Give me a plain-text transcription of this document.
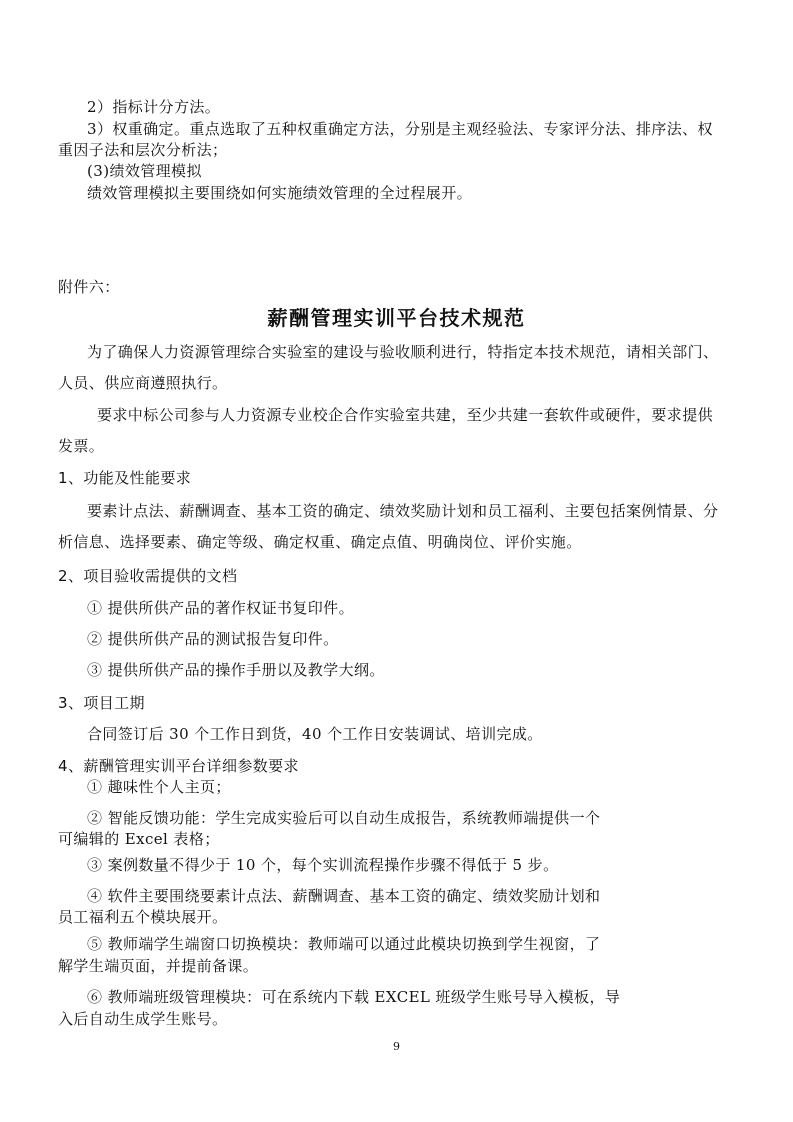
2）指标计分方法。
3）权重确定。重点选取了五种权重确定方法，分别是主观经验法、专家评分法、排序法、权
重因子法和层次分析法；
(3)绩效管理模拟
绩效管理模拟主要围绕如何实施绩效管理的全过程展开。
附件六：
薪酬管理实训平台技术规范
为了确保人力资源管理综合实验室的建设与验收顺利进行，特指定本技术规范，请相关部门、
人员、供应商遵照执行。
要求中标公司参与人力资源专业校企合作实验室共建，至少共建一套软件或硬件，要求提供
发票。
1、功能及性能要求
要素计点法、薪酬调查、基本工资的确定、绩效奖励计划和员工福利、主要包括案例情景、分
析信息、选择要素、确定等级、确定权重、确定点值、明确岗位、评价实施。
2、项目验收需提供的文档
① 提供所供产品的著作权证书复印件。
② 提供所供产品的测试报告复印件。
③ 提供所供产品的操作手册以及教学大纲。
3、项目工期
合同签订后 30 个工作日到货，40 个工作日安装调试、培训完成。
4、薪酬管理实训平台详细参数要求
① 趣味性个人主页；
② 智能反馈功能：学生完成实验后可以自动生成报告，系统教师端提供一个
可编辑的 Excel 表格；
③ 案例数量不得少于 10 个，每个实训流程操作步骤不得低于 5 步。
④ 软件主要围绕要素计点法、薪酬调查、基本工资的确定、绩效奖励计划和
员工福利五个模块展开。
⑤ 教师端学生端窗口切换模块：教师端可以通过此模块切换到学生视窗，了
解学生端页面，并提前备课。
⑥ 教师端班级管理模块：可在系统内下载 EXCEL 班级学生账号导入模板，导
入后自动生成学生账号。
9
